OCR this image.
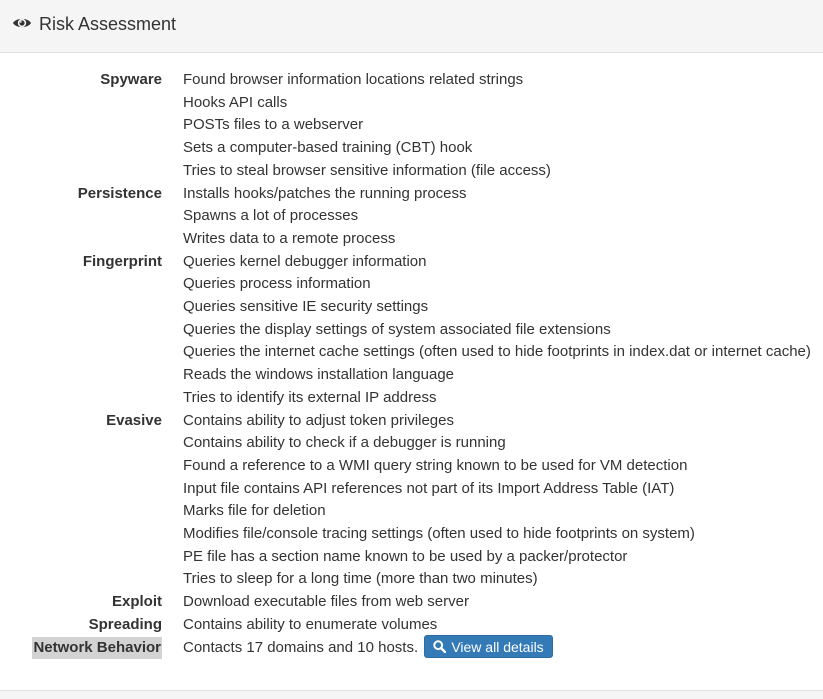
Risk Assessment
Spyware Found browser information locations related strings
Hooks API calls
POSTs files to a webserver
Sets a computer-based training (CBT) hook
Tries to steal browser sensitive information (file access)
Persistence Installs hooks/patches the running process
Spawns a lot of processes
Writes data to a remote process
Fingerprint Queries kernel debugger information
Queries process information
Queries sensitive IE security settings
Queries the display settings of system associated file extensions
Queries the internet cache settings (often used to hide footprints in index.dat or internet cache)
Reads the windows installation language
Tries to identify its external IP address
Evasive Contains ability to adjust token privileges
Contains ability to check if a debugger is running
Found a reference to a WMI query string known to be used for VM detection
Input file contains API references not part of its Import Address Table (IAT)
Marks file for deletion
Modifies file/console tracing settings (often used to hide footprints on system)
PE file has a section name known to be used by a packer/protector
Tries to sleep for a long time (more than two minutes)
Exploit Download executable files from web server
Spreading Contains ability to enumerate volumes
Network Behavior Contacts 17 domains and 10 hosts. View all details
